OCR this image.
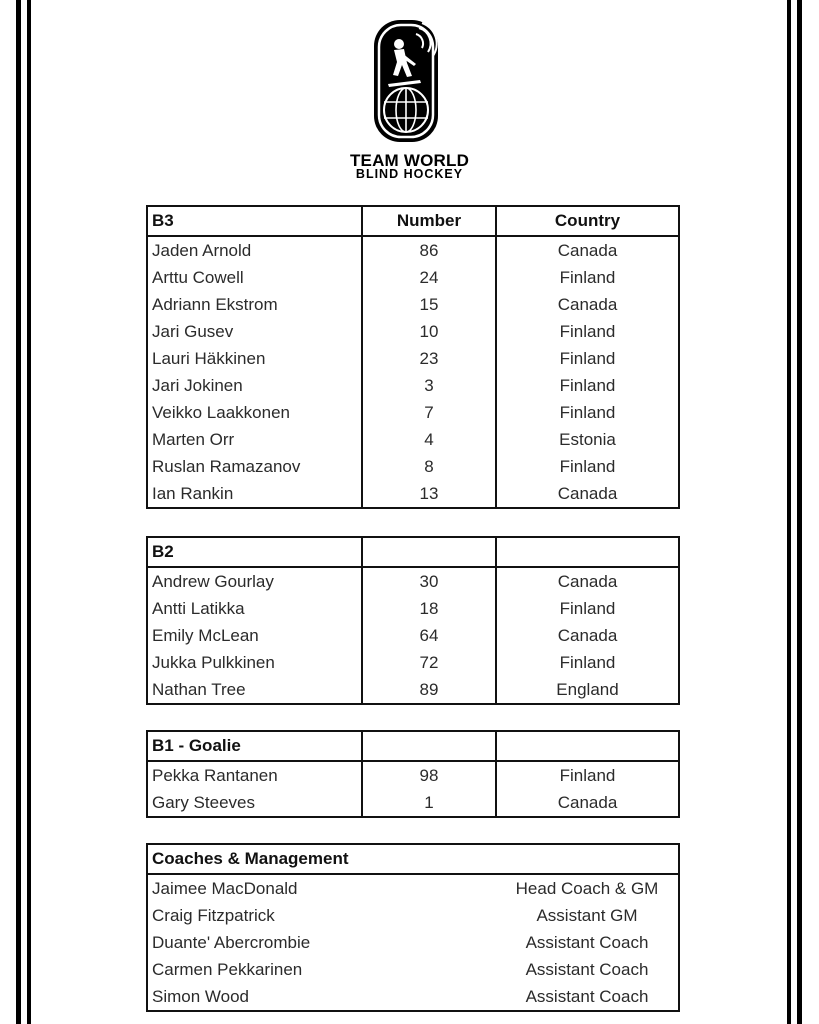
TEAM WORLD
BLIND HOCKEY
B3	Number	Country
Jaden Arnold	86	Canada
Arttu Cowell	24	Finland
Adriann Ekstrom	15	Canada
Jari Gusev	10	Finland
Lauri Häkkinen	23	Finland
Jari Jokinen	3	Finland
Veikko Laakkonen	7	Finland
Marten Orr	4	Estonia
Ruslan Ramazanov	8	Finland
Ian Rankin	13	Canada
B2		
Andrew Gourlay	30	Canada
Antti Latikka	18	Finland
Emily McLean	64	Canada
Jukka Pulkkinen	72	Finland
Nathan Tree	89	England
B1 - Goalie		
Pekka Rantanen	98	Finland
Gary Steeves	1	Canada
Coaches & Management	
Jaimee MacDonald	Head Coach & GM
Craig Fitzpatrick	Assistant GM
Duante' Abercrombie	Assistant Coach
Carmen Pekkarinen	Assistant Coach
Simon Wood	Assistant Coach
